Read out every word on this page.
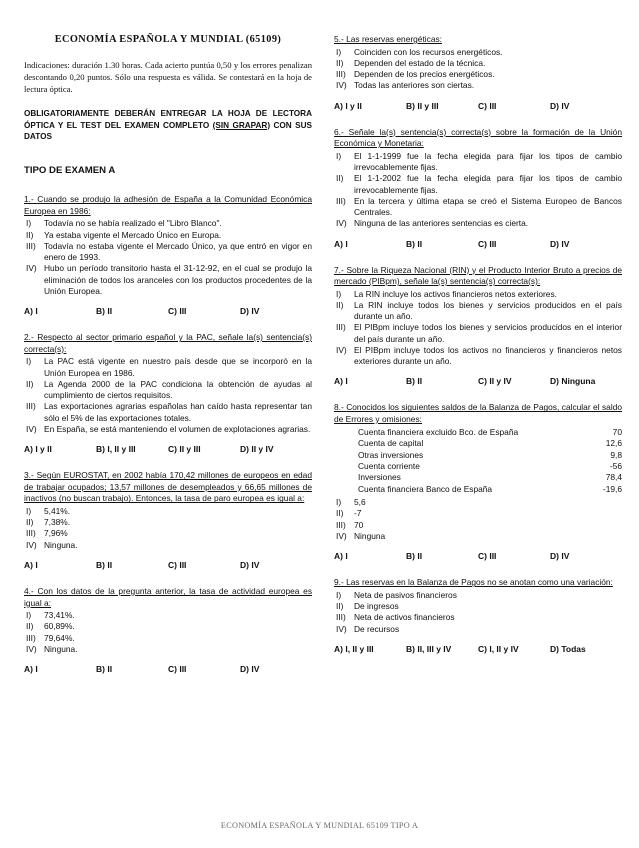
ECONOMÍA ESPAÑOLA Y MUNDIAL (65109)

Indicaciones: duración 1.30 horas. Cada acierto puntúa 0,50 y los errores penalizan descontando 0,20 puntos. Sólo una respuesta es válida. Se contestará en la hoja de lectura óptica.

OBLIGATORIAMENTE DEBERÁN ENTREGAR LA HOJA DE LECTORA ÓPTICA Y EL TEST DEL EXAMEN COMPLETO (SIN GRAPAR) CON SUS DATOS

TIPO DE EXAMEN A
1.- Cuando se produjo la adhesión de España a la Comunidad Económica Europea en 1986:
I)	Todavía no se había realizado el "Libro Blanco".
II)	Ya estaba vigente el Mercado Único en Europa.
III) Todavía no estaba vigente el Mercado Único, ya que entró en vigor en enero de 1993.
IV) Hubo un período transitorio hasta el 31-12-92, en el cual se produjo la eliminación de todos los aranceles con los productos procedentes de la Unión Europea.
A) I	B) II	C) III	D) IV
2.- Respecto al sector primario español y la PAC, señale la(s) sentencia(s) correcta(s):
I)	La PAC está vigente en nuestro país desde que se incorporó en la Unión Europea en 1986.
II)	La Agenda 2000 de la PAC condiciona la obtención de ayudas al cumplimiento de ciertos requisitos.
III) Las exportaciones agrarias españolas han caído hasta representar tan sólo el 5% de las exportaciones totales.
IV) En España, se está manteniendo el volumen de explotaciones agrarias.
A) I y II	B) I, II y III	C) II y III	D) II y IV
3.- Según EUROSTAT, en 2002 había 170,42 millones de europeos en edad de trabajar ocupados; 13,57 millones de desempleados y 66,65 millones de inactivos (no buscan trabajo). Entonces, la tasa de paro europea es igual a:
I)	5,41%.
II)	7,38%.
III) 7,96%
IV) Ninguna.
A) I	B) II	C) III	D) IV
4.- Con los datos de la pregunta anterior, la tasa de actividad europea es igual a:
I)	73,41%.
II)	60,89%.
III) 79,64%.
IV) Ninguna.
A) I	B) II	C) III	D) IV
5.- Las reservas energéticas:
I)	Coinciden con los recursos energéticos.
II)	Dependen del estado de la técnica.
III) Dependen de los precios energéticos.
IV) Todas las anteriores son ciertas.
A) I y II	B) II y III	C) III	D) IV
6.- Señale la(s) sentencia(s) correcta(s) sobre la formación de la Unión Económica y Monetaria:
I)	El 1-1-1999 fue la fecha elegida para fijar los tipos de cambio irrevocablemente fijas.
II)	El 1-1-2002 fue la fecha elegida para fijar los tipos de cambio irrevocablemente fijas.
III) En la tercera y última etapa se creó el Sistema Europeo de Bancos Centrales.
IV) Ninguna de las anteriores sentencias es cierta.
A) I	B) II	C) III	D) IV
7.- Sobre la Riqueza Nacional (RIN) y el Producto Interior Bruto a precios de mercado (PIBpm), señale la(s) sentencia(s) correcta(s):
I)	La RIN incluye los activos financieros netos exteriores.
II)	La RIN incluye todos los bienes y servicios producidos en el país durante un año.
III) El PIBpm incluye todos los bienes y servicios producidos en el interior del país durante un año.
IV) El PIBpm incluye todos los activos no financieros y financieros netos exteriores durante un año.
A) I	B) II	C) II y IV	D) Ninguna
8.- Conocidos los siguientes saldos de la Balanza de Pagos, calcular el saldo de Errores y omisiones:
Cuenta financiera excluido Bco. de España	70
Cuenta de capital	12,6
Otras inversiones	9,8
Cuenta corriente	-56
Inversiones	78,4
Cuenta financiera Banco de España	-19,6
I)	5,6
II)	-7
III) 70
IV) Ninguna
A) I	B) II	C) III	D) IV
9.- Las reservas en la Balanza de Pagos no se anotan como una variación:
I)	Neta de pasivos financieros
II)	De ingresos
III) Neta de activos financieros
IV) De recursos
A) I, II y III	B) II, III y IV	C) I, II y IV	D) Todas
ECONOMÍA ESPAÑOLA Y MUNDIAL 65109 TIPO A
